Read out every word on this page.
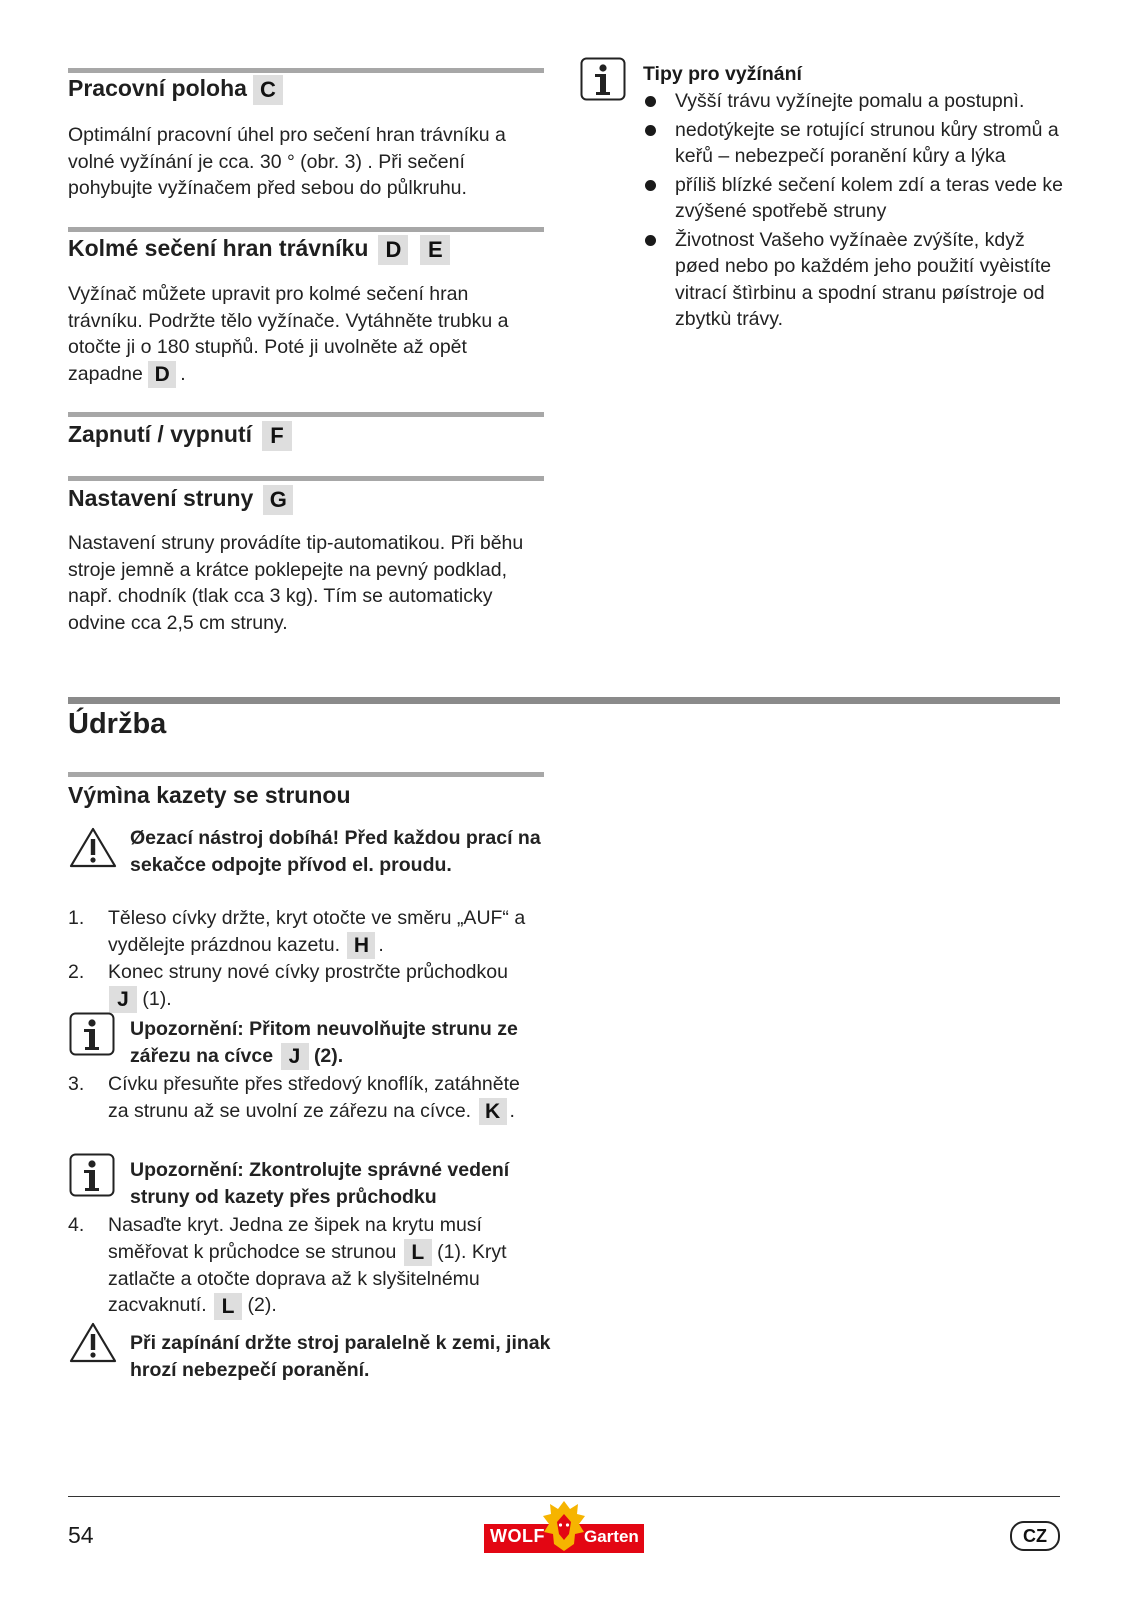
Pracovní poloha C
Optimální pracovní úhel pro sečení hran trávníku a volné vyžínání je cca. 30 ° (obr. 3) . Při sečení pohybujte vyžínačem před sebou do půlkruhu.
Kolmé sečení hran trávníku D E
Vyžínač můžete upravit pro kolmé sečení hran trávníku. Podržte tělo vyžínače. Vytáhněte trubku a otočte ji o 180 stupňů. Poté ji uvolněte až opět zapadne D .
Zapnutí / vypnutí F
Nastavení struny G
Nastavení struny provádíte tip-automatikou. Při běhu stroje jemně a krátce poklepejte na pevný podklad, např. chodník (tlak cca 3 kg). Tím se automaticky odvine cca 2,5 cm struny.
Tipy pro vyžínání
Vyšší trávu vyžínejte pomalu a postupnì.
nedotýkejte se rotující strunou kůry stromů a keřů – nebezpečí poranění kůry a lýka
příliš blízké sečení kolem zdí a teras vede ke zvýšené spotřebě struny
Životnost Vašeho vyžínaèe zvýšíte, když pøed nebo po každém jeho použití vyèistíte vitrací štìrbinu a spodní stranu pøístroje od zbytkù trávy.
Údržba
Výmìna kazety se strunou
Øezací nástroj dobíhá! Před každou prací na sekačce odpojte přívod el. proudu.
1. Těleso cívky držte, kryt otočte ve směru „AUF“ a vydělejte prázdnou kazetu. H .
2. Konec struny nové cívky prostrčte průchodkou
J (1).
Upozornění: Přitom neuvolňujte strunu ze zářezu na cívce J (2).
3. Cívku přesuňte přes středový knoflík, zatáhněte za strunu až se uvolní ze zářezu na cívce. K .
Upozornění: Zkontrolujte správné vedení struny od kazety přes průchodku
4. Nasaďte kryt. Jedna ze šipek na krytu musí směřovat k průchodce se strunou L (1). Kryt zatlačte a otočte doprava až k slyšitelnému zacvaknutí. L (2).
Při zapínání držte stroj paralelně k zemi, jinak hrozí nebezpečí poranění.
54	WOLF Garten	CZ
